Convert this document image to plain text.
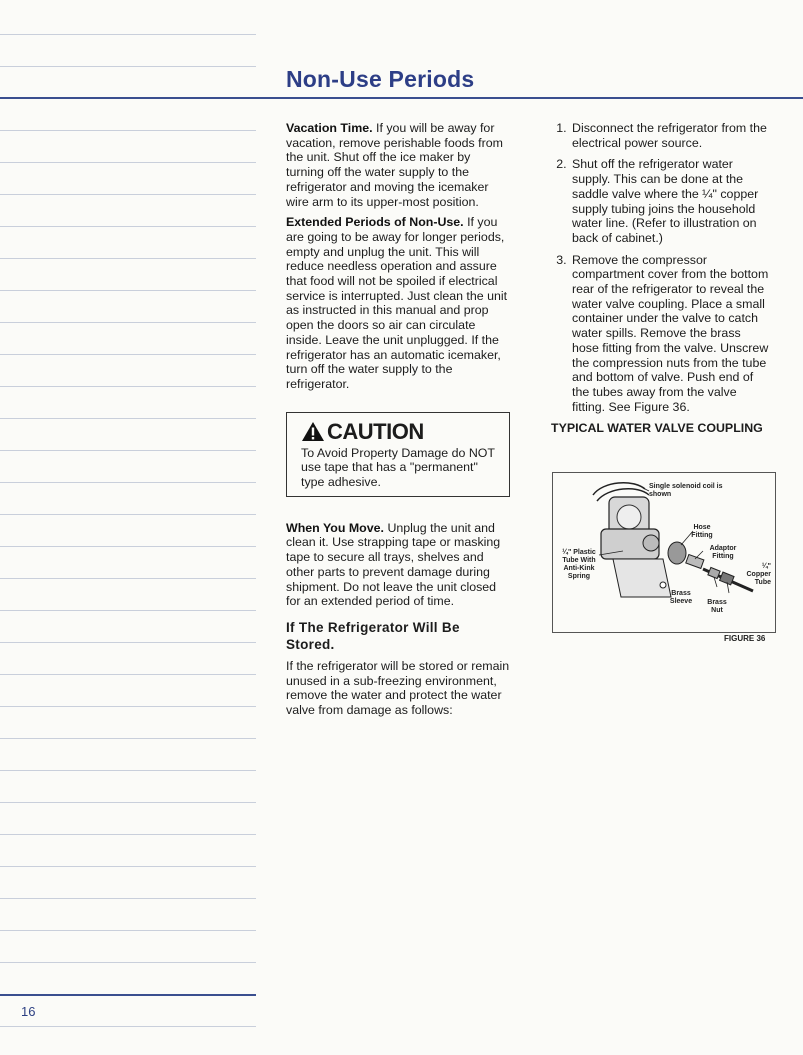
16
Non-Use Periods

Vacation Time. If you will be away for vacation, remove perishable foods from the unit. Shut off the ice maker by turning off the water supply to the refrigerator and moving the icemaker wire arm to its upper-most position.

Extended Periods of Non-Use. If you are going to be away for longer periods, empty and unplug the unit. This will reduce needless operation and assure that food will not be spoiled if electrical service is interrupted. Just clean the unit as instructed in this manual and prop open the doors so air can circulate inside. Leave the unit unplugged. If the refrigerator has an automatic icemaker, turn off the water supply to the refrigerator.

CAUTION
To Avoid Property Damage do NOT use tape that has a "permanent" type adhesive.

When You Move. Unplug the unit and clean it. Use strapping tape or masking tape to secure all trays, shelves and other parts to prevent damage during shipment. Do not leave the unit closed for an extended period of time.

If The Refrigerator Will Be Stored.

If the refrigerator will be stored or remain unused in a sub-freezing environment, remove the water and protect the water valve from damage as follows:

1. Disconnect the refrigerator from the electrical power source.
2. Shut off the refrigerator water supply. This can be done at the saddle valve where the ¼" copper supply tubing joins the household water line. (Refer to illustration on back of cabinet.)
3. Remove the compressor compartment cover from the bottom rear of the refrigerator to reveal the water valve coupling. Place a small container under the valve to catch water spills. Remove the brass hose fitting from the valve. Unscrew the compression nuts from the tube and bottom of valve. Push end of the tubes away from the valve fitting. See Figure 36.
TYPICAL WATER VALVE COUPLING
Single solenoid coil is shown
Hose Fitting
Adaptor Fitting
¼" Plastic Tube With Anti-Kink Spring
¼" Copper Tube
Brass Sleeve	Brass Nut
FIGURE 36
